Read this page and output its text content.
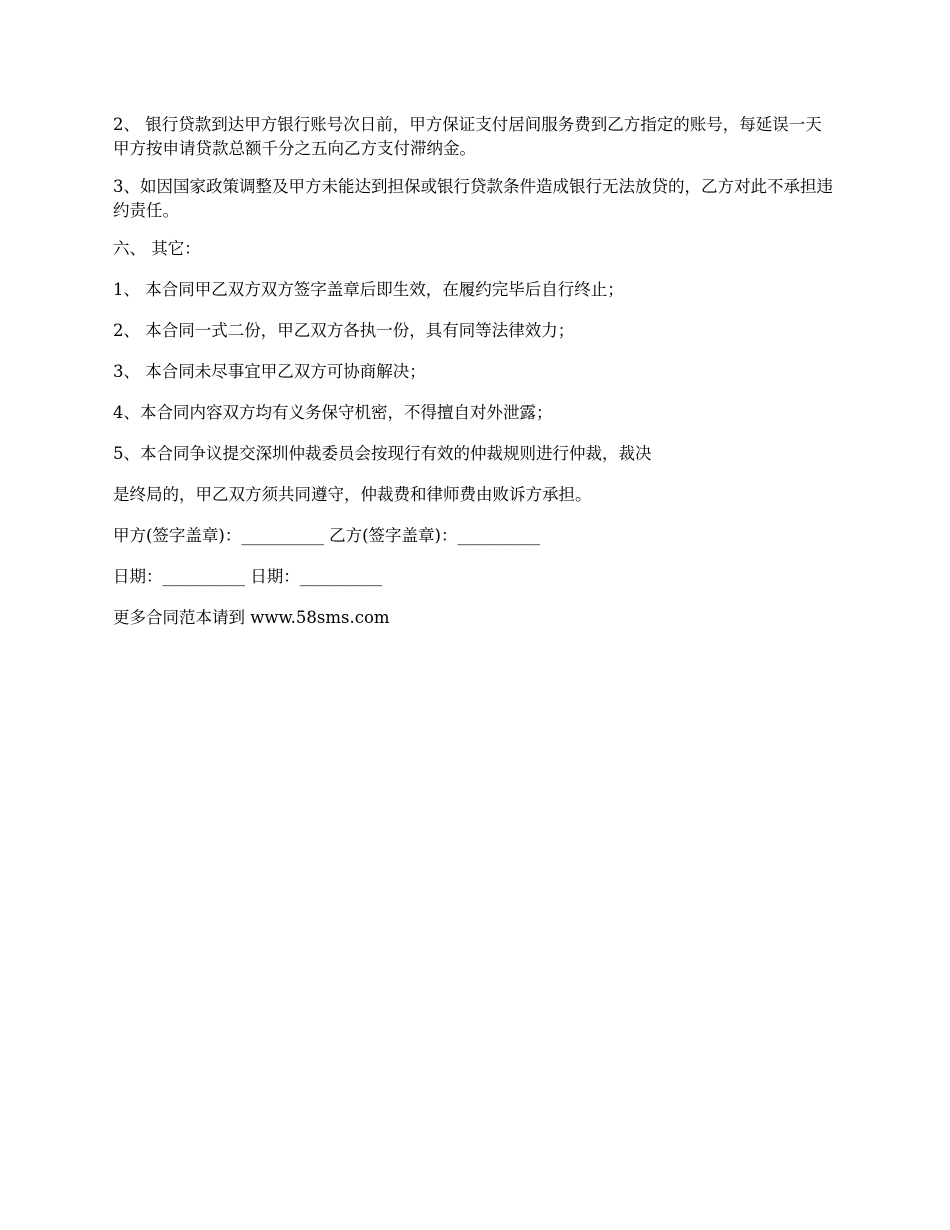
2、 银行贷款到达甲方银行账号次日前，甲方保证支付居间服务费到乙方指定的账号，每延误一天甲方按申请贷款总额千分之五向乙方支付滞纳金。
3、如因国家政策调整及甲方未能达到担保或银行贷款条件造成银行无法放贷的，乙方对此不承担违约责任。
六、 其它：
1、 本合同甲乙双方双方签字盖章后即生效，在履约完毕后自行终止；
2、 本合同一式二份，甲乙双方各执一份，具有同等法律效力；
3、 本合同未尽事宜甲乙双方可协商解决；
4、本合同内容双方均有义务保守机密，不得擅自对外泄露；
5、本合同争议提交深圳仲裁委员会按现行有效的仲裁规则进行仲裁，裁决
是终局的，甲乙双方须共同遵守，仲裁费和律师费由败诉方承担。
甲方(签字盖章)：__________ 乙方(签字盖章)：__________
日期：__________ 日期：__________
更多合同范本请到 www.58sms.com
